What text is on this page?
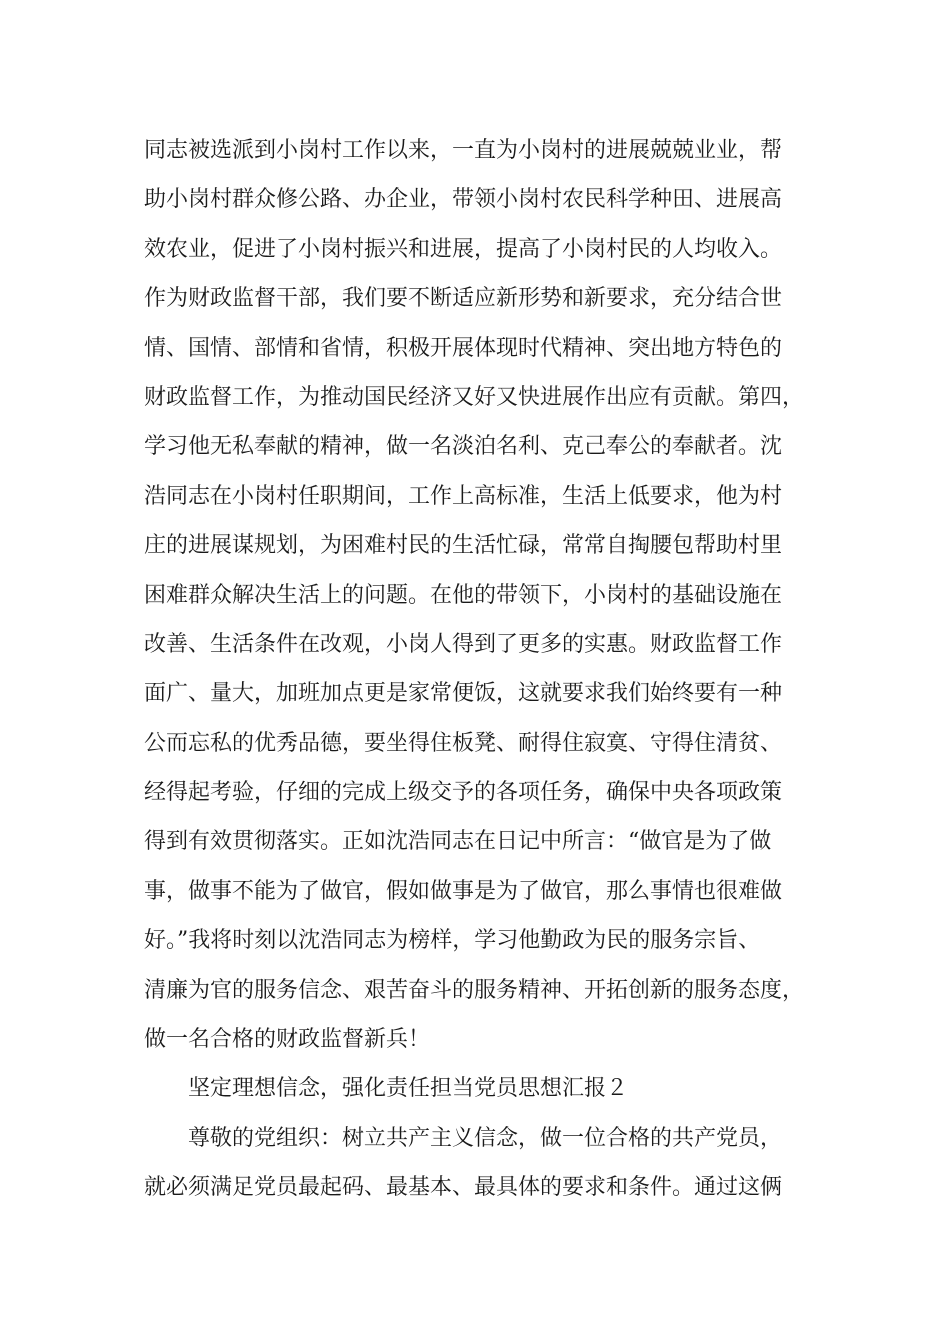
同志被选派到小岗村工作以来，一直为小岗村的进展兢兢业业，帮

助小岗村群众修公路、办企业，带领小岗村农民科学种田、进展高

效农业，促进了小岗村振兴和进展，提高了小岗村民的人均收入。

作为财政监督干部，我们要不断适应新形势和新要求，充分结合世

情、国情、部情和省情，积极开展体现时代精神、突出地方特色的

财政监督工作，为推动国民经济又好又快进展作出应有贡献。第四，

学习他无私奉献的精神，做一名淡泊名利、克己奉公的奉献者。沈

浩同志在小岗村任职期间，工作上高标准，生活上低要求，他为村

庄的进展谋规划，为困难村民的生活忙碌，常常自掏腰包帮助村里

困难群众解决生活上的问题。在他的带领下，小岗村的基础设施在

改善、生活条件在改观，小岗人得到了更多的实惠。财政监督工作

面广、量大，加班加点更是家常便饭，这就要求我们始终要有一种

公而忘私的优秀品德，要坐得住板凳、耐得住寂寞、守得住清贫、

经得起考验，仔细的完成上级交予的各项任务，确保中央各项政策

得到有效贯彻落实。正如沈浩同志在日记中所言：“做官是为了做

事，做事不能为了做官，假如做事是为了做官，那么事情也很难做

好。”我将时刻以沈浩同志为榜样，学习他勤政为民的服务宗旨、

清廉为官的服务信念、艰苦奋斗的服务精神、开拓创新的服务态度，

做一名合格的财政监督新兵！

坚定理想信念，强化责任担当党员思想汇报２

尊敬的党组织：树立共产主义信念，做一位合格的共产党员，

就必须满足党员最起码、最基本、最具体的要求和条件。通过这俩
